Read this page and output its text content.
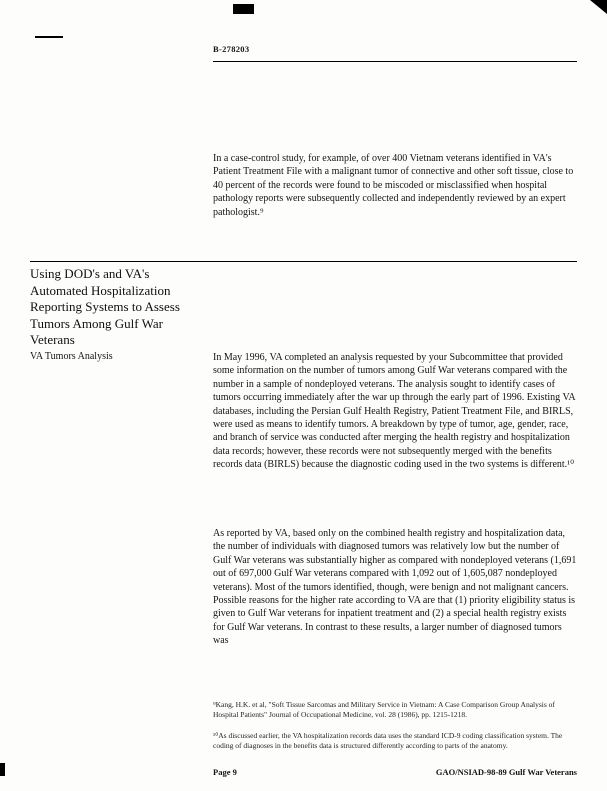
B-278203

In a case-control study, for example, of over 400 Vietnam veterans identified in VA's Patient Treatment File with a malignant tumor of connective and other soft tissue, close to 40 percent of the records were found to be miscoded or misclassified when hospital pathology reports were subsequently collected and independently reviewed by an expert pathologist.⁹

Using DOD's and VA's Automated Hospitalization Reporting Systems to Assess Tumors Among Gulf War Veterans
VA Tumors Analysis	In May 1996, VA completed an analysis requested by your Subcommittee that provided some information on the number of tumors among Gulf War veterans compared with the number in a sample of nondeployed veterans. The analysis sought to identify cases of tumors occurring immediately after the war up through the early part of 1996. Existing VA databases, including the Persian Gulf Health Registry, Patient Treatment File, and BIRLS, were used as means to identify tumors. A breakdown by type of tumor, age, gender, race, and branch of service was conducted after merging the health registry and hospitalization data records; however, these records were not subsequently merged with the benefits records data (BIRLS) because the diagnostic coding used in the two systems is different.¹⁰

As reported by VA, based only on the combined health registry and hospitalization data, the number of individuals with diagnosed tumors was relatively low but the number of Gulf War veterans was substantially higher as compared with nondeployed veterans (1,691 out of 697,000 Gulf War veterans compared with 1,092 out of 1,605,087 nondeployed veterans). Most of the tumors identified, though, were benign and not malignant cancers. Possible reasons for the higher rate according to VA are that (1) priority eligibility status is given to Gulf War veterans for inpatient treatment and (2) a special health registry exists for Gulf War veterans. In contrast to these results, a larger number of diagnosed tumors was

⁹Kang, H.K. et al, "Soft Tissue Sarcomas and Military Service in Vietnam: A Case Comparison Group Analysis of Hospital Patients" Journal of Occupational Medicine, vol. 28 (1986), pp. 1215-1218.

¹⁰As discussed earlier, the VA hospitalization records data uses the standard ICD-9 coding classification system. The coding of diagnoses in the benefits data is structured differently according to parts of the anatomy.

Page 9	GAO/NSIAD-98-89 Gulf War Veterans
